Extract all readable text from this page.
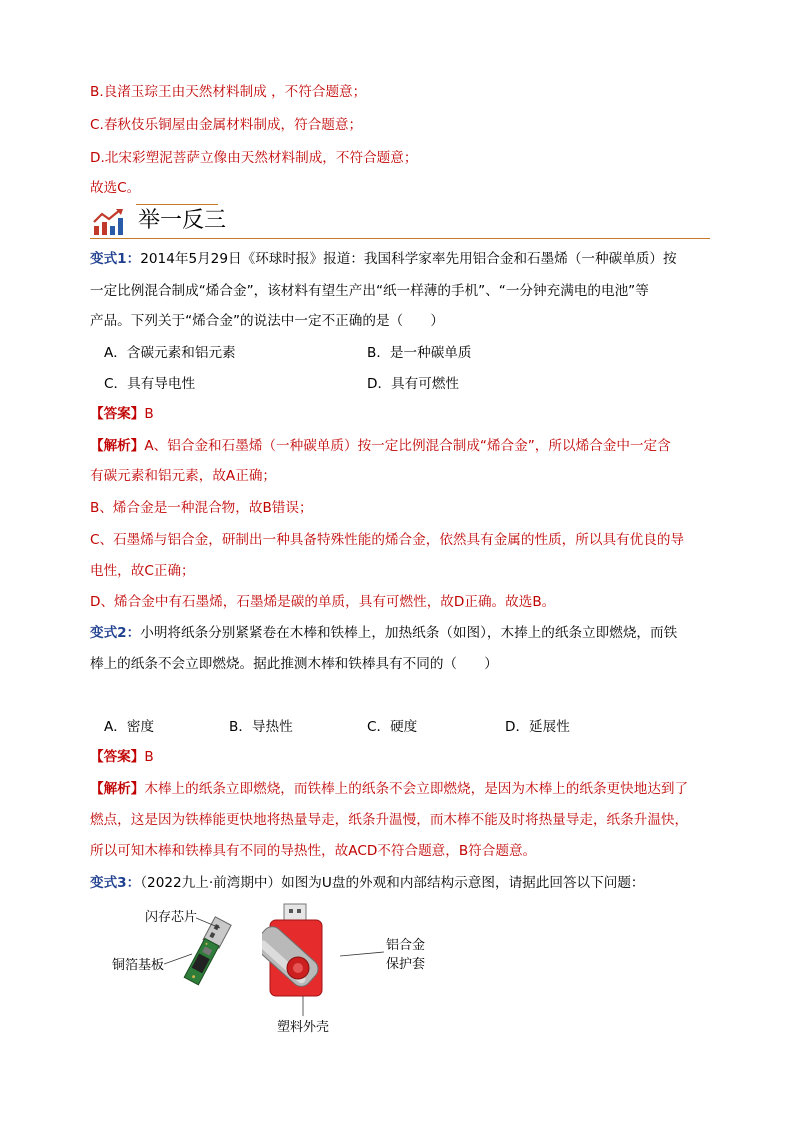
B.良渚玉琮王由天然材料制成 ，不符合题意；
C.春秋伎乐铜屋由金属材料制成，符合题意；
D.北宋彩塑泥菩萨立像由天然材料制成，不符合题意；
故选C。
举一反三
变式1：2014年5月29日《环球时报》报道：我国科学家率先用铝合金和石墨烯（一种碳单质）按
一定比例混合制成“烯合金”，该材料有望生产出“纸一样薄的手机”、“一分钟充满电的电池”等
产品。下列关于“烯合金”的说法中一定不正确的是（　　）
A．含碳元素和铝元素	B．是一种碳单质
C．具有导电性	D．具有可燃性
【答案】B
【解析】A、铝合金和石墨烯（一种碳单质）按一定比例混合制成“烯合金”，所以烯合金中一定含
有碳元素和铝元素，故A正确；
B、烯合金是一种混合物，故B错误；
C、石墨烯与铝合金，研制出一种具备特殊性能的烯合金，依然具有金属的性质，所以具有优良的导
电性，故C正确；
D、烯合金中有石墨烯，石墨烯是碳的单质，具有可燃性，故D正确。故选B。
变式2：小明将纸条分别紧紧卷在木棒和铁棒上，加热纸条（如图），木捧上的纸条立即燃烧，而铁
棒上的纸条不会立即燃烧。据此推测木棒和铁棒具有不同的（　　）
A．密度	B．导热性	C．硬度	D．延展性
【答案】B
【解析】木棒上的纸条立即燃烧，而铁棒上的纸条不会立即燃烧，是因为木棒上的纸条更快地达到了
燃点，这是因为铁棒能更快地将热量导走，纸条升温慢，而木棒不能及时将热量导走，纸条升温快，
所以可知木棒和铁棒具有不同的导热性，故ACD不符合题意，B符合题意。
变式3：（2022九上·前湾期中）如图为U盘的外观和内部结构示意图，请据此回答以下问题：
闪存芯片
铜箔基板
铝合金
保护套
塑料外壳
